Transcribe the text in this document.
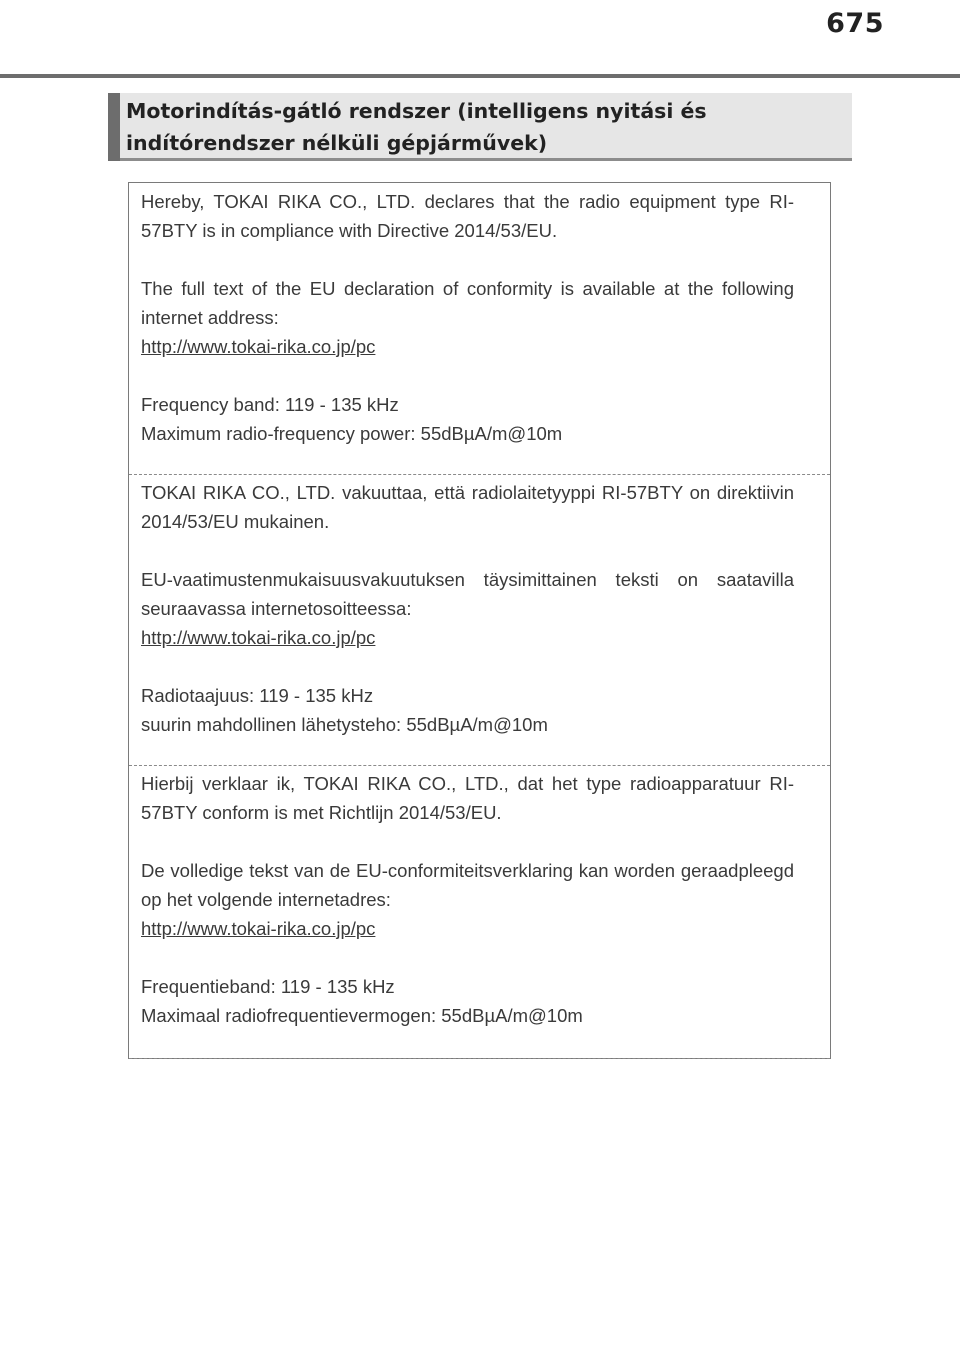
675
Motorindítás-gátló rendszer (intelligens nyitási és indítórendszer nélküli gépjárművek)

Hereby, TOKAI RIKA CO., LTD. declares that the radio equipment type RI-57BTY is in compliance with Directive 2014/53/EU.

The full text of the EU declaration of conformity is available at the following internet address:

http://www.tokai-rika.co.jp/pc

Frequency band: 119 - 135 kHz

Maximum radio-frequency power: 55dBµA/m@10m

TOKAI RIKA CO., LTD. vakuuttaa, että radiolaitetyyppi RI-57BTY on direktiivin 2014/53/EU mukainen.

EU-vaatimustenmukaisuusvakuutuksen täysimittainen teksti on saatavilla seuraavassa internetosoitteessa:

http://www.tokai-rika.co.jp/pc

Radiotaajuus: 119 - 135 kHz

suurin mahdollinen lähetysteho: 55dBµA/m@10m

Hierbij verklaar ik, TOKAI RIKA CO., LTD., dat het type radioapparatuur RI-57BTY conform is met Richtlijn 2014/53/EU.

De volledige tekst van de EU-conformiteitsverklaring kan worden geraadpleegd op het volgende internetadres:

http://www.tokai-rika.co.jp/pc

Frequentieband: 119 - 135 kHz

Maximaal radiofrequentievermogen: 55dBµA/m@10m
